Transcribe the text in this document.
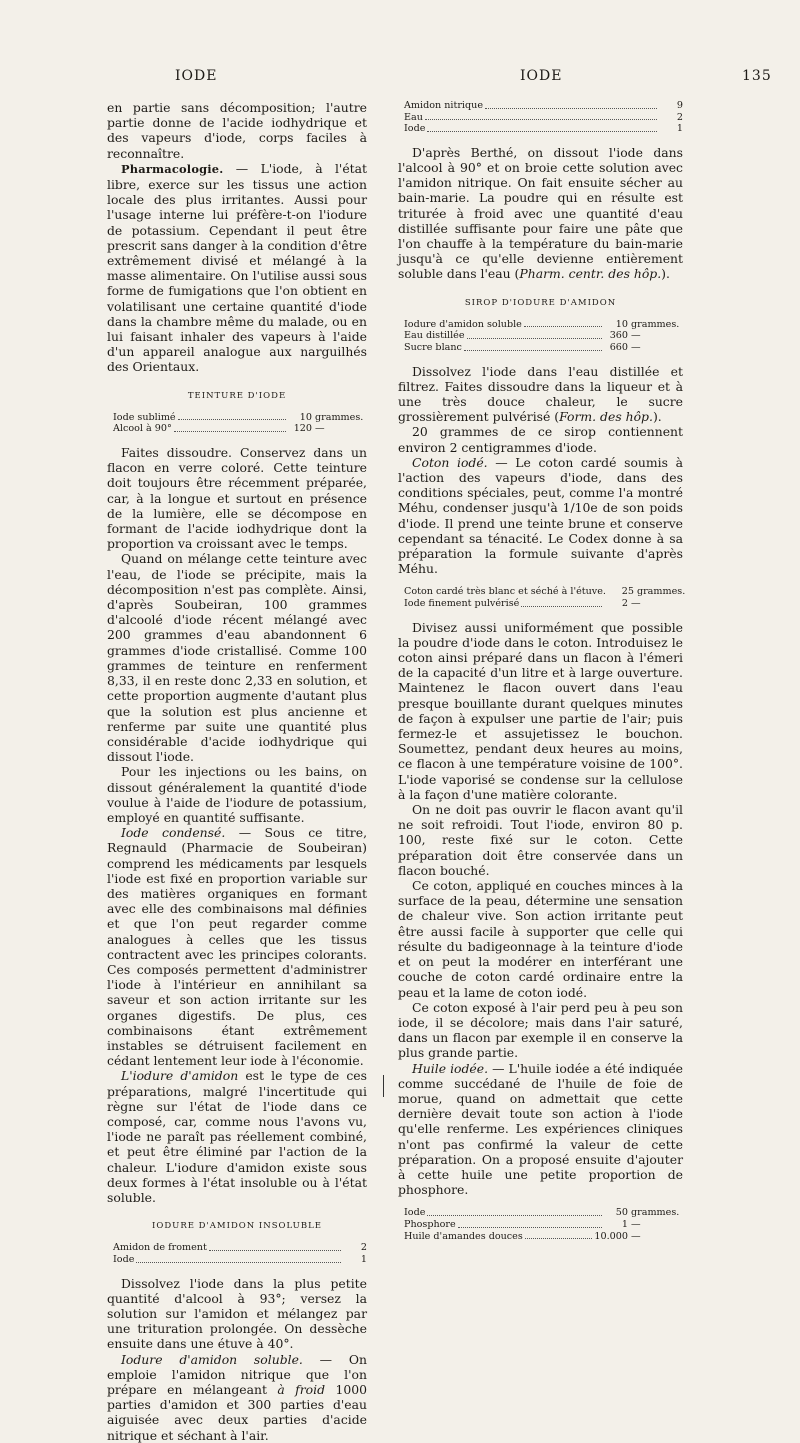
IODE	IODE	135

en partie sans décomposition; l'autre partie donne de l'acide iodhydrique et des vapeurs d'iode, corps faciles à reconnaître.

Pharmacologie. — L'iode, à l'état libre, exerce sur les tissus une action locale des plus irritantes. Aussi pour l'usage interne lui préfère-t-on l'iodure de potassium. Cependant il peut être prescrit sans danger à la condition d'être extrêmement divisé et mélangé à la masse alimentaire. On l'utilise aussi sous forme de fumigations que l'on obtient en volatilisant une certaine quantité d'iode dans la chambre même du malade, ou en lui faisant inhaler des vapeurs à l'aide d'un appareil analogue aux narguilhés des Orientaux.

TEINTURE D'IODE
Iode sublimé	10 grammes.
Alcool à 90°	120 —

Faites dissoudre. Conservez dans un flacon en verre coloré. Cette teinture doit toujours être récemment préparée, car, à la longue et surtout en présence de la lumière, elle se décompose en formant de l'acide iodhydrique dont la proportion va croissant avec le temps.

Quand on mélange cette teinture avec l'eau, de l'iode se précipite, mais la décomposition n'est pas complète. Ainsi, d'après Soubeiran, 100 grammes d'alcoolé d'iode récent mélangé avec 200 grammes d'eau abandonnent 6 grammes d'iode cristallisé. Comme 100 grammes de teinture en renferment 8,33, il en reste donc 2,33 en solution, et cette proportion augmente d'autant plus que la solution est plus ancienne et renferme par suite une quantité plus considérable d'acide iodhydrique qui dissout l'iode.

Pour les injections ou les bains, on dissout généralement la quantité d'iode voulue à l'aide de l'iodure de potassium, employé en quantité suffisante.

Iode condensé. — Sous ce titre, Regnauld (Pharmacie de Soubeiran) comprend les médicaments par lesquels l'iode est fixé en proportion variable sur des matières organiques en formant avec elle des combinaisons mal définies et que l'on peut regarder comme analogues à celles que les tissus contractent avec les principes colorants. Ces composés permettent d'administrer l'iode à l'intérieur en annihilant sa saveur et son action irritante sur les organes digestifs. De plus, ces combinaisons étant extrêmement instables se détruisent facilement en cédant lentement leur iode à l'économie.

L'iodure d'amidon est le type de ces préparations, malgré l'incertitude qui règne sur l'état de l'iode dans ce composé, car, comme nous l'avons vu, l'iode ne paraît pas réellement combiné, et peut être éliminé par l'action de la chaleur. L'iodure d'amidon existe sous deux formes à l'état insoluble ou à l'état soluble.

IODURE D'AMIDON INSOLUBLE
Amidon de froment	2
Iode	1

Dissolvez l'iode dans la plus petite quantité d'alcool à 93°; versez la solution sur l'amidon et mélangez par une trituration prolongée. On dessèche ensuite dans une étuve à 40°.

Iodure d'amidon soluble. — On emploie l'amidon nitrique que l'on prépare en mélangeant à froid 1000 parties d'amidon et 300 parties d'eau aiguisée avec deux parties d'acide nitrique et séchant à l'air.

Amidon nitrique	9
Eau	2
Iode	1

D'après Berthé, on dissout l'iode dans l'alcool à 90° et on broie cette solution avec l'amidon nitrique. On fait ensuite sécher au bain-marie. La poudre qui en résulte est triturée à froid avec une quantité d'eau distillée suffisante pour faire une pâte que l'on chauffe à la température du bain-marie jusqu'à ce qu'elle devienne entièrement soluble dans l'eau (Pharm. centr. des hôp.).

SIROP D'IODURE D'AMIDON
Iodure d'amidon soluble	10 grammes.
Eau distillée	360 —
Sucre blanc	660 —

Dissolvez l'iode dans l'eau distillée et filtrez. Faites dissoudre dans la liqueur et à une très douce chaleur, le sucre grossièrement pulvérisé (Form. des hôp.).

20 grammes de ce sirop contiennent environ 2 centigrammes d'iode.

Coton iodé. — Le coton cardé soumis à l'action des vapeurs d'iode, dans des conditions spéciales, peut, comme l'a montré Méhu, condenser jusqu'à 1/10e de son poids d'iode. Il prend une teinte brune et conserve cependant sa ténacité. Le Codex donne à sa préparation la formule suivante d'après Méhu.

Coton cardé très blanc et séché à l'étuve.	25 grammes.
Iode finement pulvérisé	2 —

Divisez aussi uniformément que possible la poudre d'iode dans le coton. Introduisez le coton ainsi préparé dans un flacon à l'émeri de la capacité d'un litre et à large ouverture. Maintenez le flacon ouvert dans l'eau presque bouillante durant quelques minutes de façon à expulser une partie de l'air; puis fermez-le et assujetissez le bouchon. Soumettez, pendant deux heures au moins, ce flacon à une température voisine de 100°. L'iode vaporisé se condense sur la cellulose à la façon d'une matière colorante.

On ne doit pas ouvrir le flacon avant qu'il ne soit refroidi. Tout l'iode, environ 80 p. 100, reste fixé sur le coton. Cette préparation doit être conservée dans un flacon bouché.

Ce coton, appliqué en couches minces à la surface de la peau, détermine une sensation de chaleur vive. Son action irritante peut être aussi facile à supporter que celle qui résulte du badigeonnage à la teinture d'iode et on peut la modérer en interférant une couche de coton cardé ordinaire entre la peau et la lame de coton iodé.

Ce coton exposé à l'air perd peu à peu son iode, il se décolore; mais dans l'air saturé, dans un flacon par exemple il en conserve la plus grande partie.

Huile iodée. — L'huile iodée a été indiquée comme succédané de l'huile de foie de morue, quand on admettait que cette dernière devait toute son action à l'iode qu'elle renferme. Les expériences cliniques n'ont pas confirmé la valeur de cette préparation. On a proposé ensuite d'ajouter à cette huile une petite proportion de phosphore.

Iode	50 grammes.
Phosphore	1 —
Huile d'amandes douces	10.000 —
